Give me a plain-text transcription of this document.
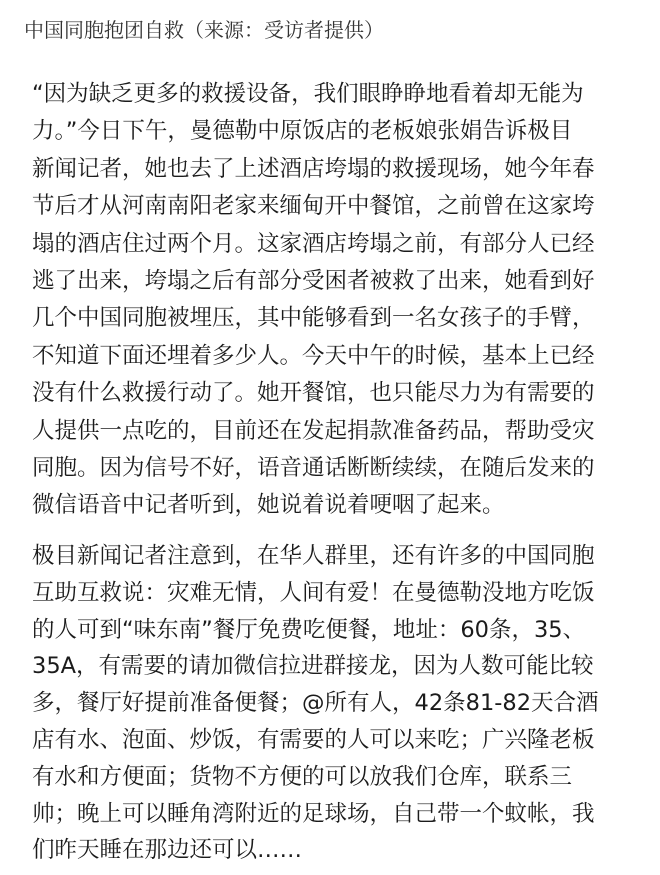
中国同胞抱团自救（来源：受访者提供）
“因为缺乏更多的救援设备，我们眼睁睁地看着却无能为
力。”今日下午，曼德勒中原饭店的老板娘张娟告诉极目
新闻记者，她也去了上述酒店垮塌的救援现场，她今年春
节后才从河南南阳老家来缅甸开中餐馆，之前曾在这家垮
塌的酒店住过两个月。这家酒店垮塌之前，有部分人已经
逃了出来，垮塌之后有部分受困者被救了出来，她看到好
几个中国同胞被埋压，其中能够看到一名女孩子的手臂，
不知道下面还埋着多少人。今天中午的时候，基本上已经
没有什么救援行动了。她开餐馆，也只能尽力为有需要的
人提供一点吃的，目前还在发起捐款准备药品，帮助受灾
同胞。因为信号不好，语音通话断断续续，在随后发来的
微信语音中记者听到，她说着说着哽咽了起来。
极目新闻记者注意到，在华人群里，还有许多的中国同胞
互助互救说：灾难无情，人间有爱！在曼德勒没地方吃饭
的人可到“味东南”餐厅免费吃便餐，地址：60条，35、
35A，有需要的请加微信拉进群接龙，因为人数可能比较
多，餐厅好提前准备便餐；@所有人，42条81-82天合酒
店有水、泡面、炒饭，有需要的人可以来吃；广兴隆老板
有水和方便面；货物不方便的可以放我们仓库，联系三
帅；晚上可以睡角湾附近的足球场，自己带一个蚊帐，我
们昨天睡在那边还可以……
